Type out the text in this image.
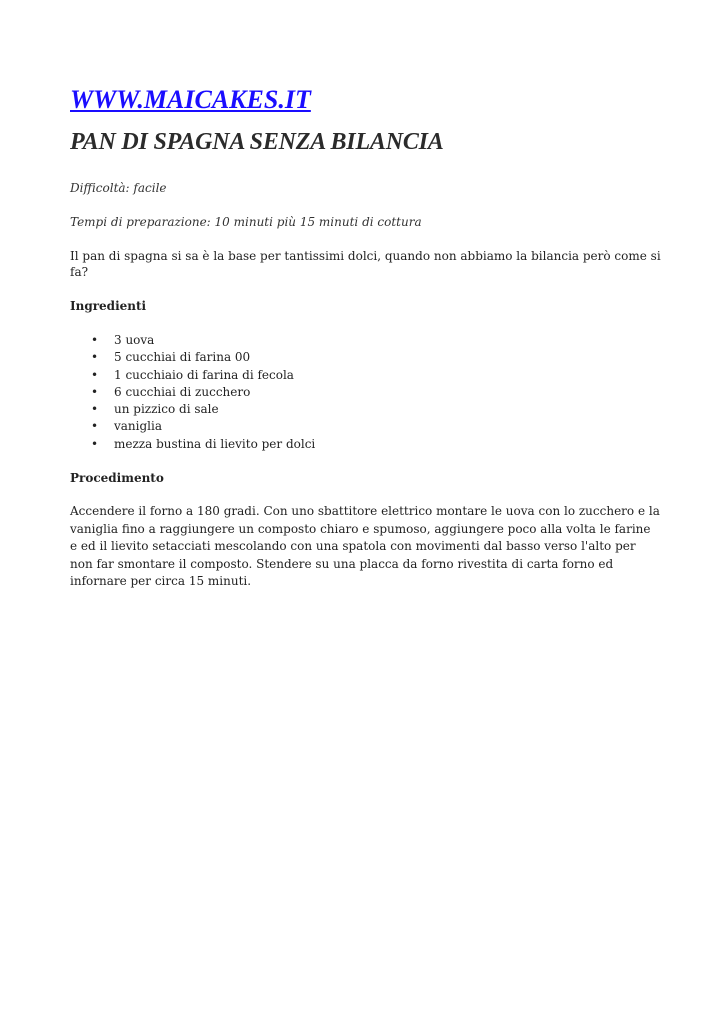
WWW.MAICAKES.IT
PAN DI SPAGNA SENZA BILANCIA

Difficoltà: facile

Tempi di preparazione: 10 minuti più 15 minuti di cottura

Il pan di spagna si sa è la base per tantissimi dolci, quando non abbiamo la bilancia però come si fa?

Ingredienti

• 3 uova
• 5 cucchiai di farina 00
• 1 cucchiaio di farina di fecola
• 6 cucchiai di zucchero
• un pizzico di sale
• vaniglia
• mezza bustina di lievito per dolci

Procedimento

Accendere il forno a 180 gradi. Con uno sbattitore elettrico montare le uova con lo zucchero e la vaniglia fino a raggiungere un composto chiaro e spumoso, aggiungere poco alla volta le farine e ed il lievito setacciati mescolando con una spatola con movimenti dal basso verso l'alto per non far smontare il composto. Stendere su una placca da forno rivestita di carta forno ed infornare per circa 15 minuti.
